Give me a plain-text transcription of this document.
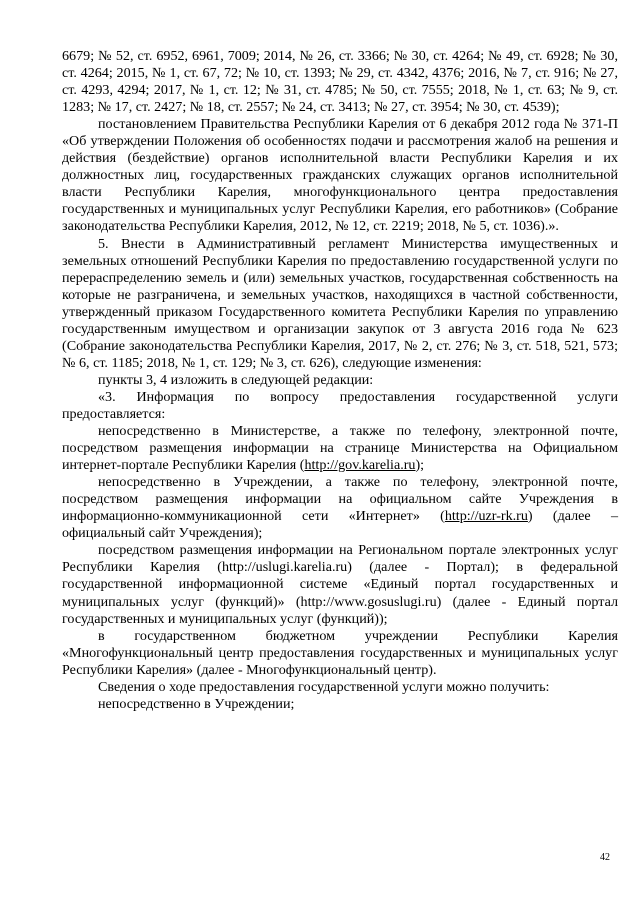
6679; № 52, ст. 6952, 6961, 7009; 2014, № 26, ст. 3366; № 30, ст. 4264; № 49, ст. 6928; № 30, ст. 4264; 2015, № 1, ст. 67, 72; № 10, ст. 1393; № 29, ст. 4342, 4376; 2016, № 7, ст. 916; № 27, ст. 4293, 4294; 2017, № 1, ст. 12; № 31, ст. 4785; № 50, ст. 7555; 2018, № 1, ст. 63; № 9, ст. 1283; № 17, ст. 2427; № 18, ст. 2557; № 24, ст. 3413; № 27, ст. 3954; № 30, ст. 4539);

постановлением Правительства Республики Карелия от 6 декабря 2012 года № 371-П «Об утверждении Положения об особенностях подачи и рассмотрения жалоб на решения и действия (бездействие) органов исполнительной власти Республики Карелия и их должностных лиц, государственных гражданских служащих органов исполнительной власти Республики Карелия, многофункционального центра предоставления государственных и муниципальных услуг Республики Карелия, его работников» (Собрание законодательства Республики Карелия, 2012, № 12, ст. 2219; 2018, № 5, ст. 1036).».

5. Внести в Административный регламент Министерства имущественных и земельных отношений Республики Карелия по предоставлению государственной услуги по перераспределению земель и (или) земельных участков, государственная собственность на которые не разграничена, и земельных участков, находящихся в частной собственности, утвержденный приказом Государственного комитета Республики Карелия по управлению государственным имуществом и организации закупок от 3 августа 2016 года № 623 (Собрание законодательства Республики Карелия, 2017, № 2, ст. 276; № 3, ст. 518, 521, 573; № 6, ст. 1185; 2018, № 1, ст. 129; № 3, ст. 626), следующие изменения:

пункты 3, 4 изложить в следующей редакции:

«3. Информация по вопросу предоставления государственной услуги предоставляется:

непосредственно в Министерстве, а также по телефону, электронной почте, посредством размещения информации на странице Министерства на Официальном интернет-портале Республики Карелия (http://gov.karelia.ru);

непосредственно в Учреждении, а также по телефону, электронной почте, посредством размещения информации на официальном сайте Учреждения в информационно-коммуникационной сети «Интернет» (http://uzr-rk.ru) (далее – официальный сайт Учреждения);

посредством размещения информации на Региональном портале электронных услуг Республики Карелия (http://uslugi.karelia.ru) (далее - Портал); в федеральной государственной информационной системе «Единый портал государственных и муниципальных услуг (функций)» (http://www.gosuslugi.ru) (далее - Единый портал государственных и муниципальных услуг (функций));

в государственном бюджетном учреждении Республики Карелия «Многофункциональный центр предоставления государственных и муниципальных услуг Республики Карелия» (далее - Многофункциональный центр).

Сведения о ходе предоставления государственной услуги можно получить:

непосредственно в Учреждении;

42
